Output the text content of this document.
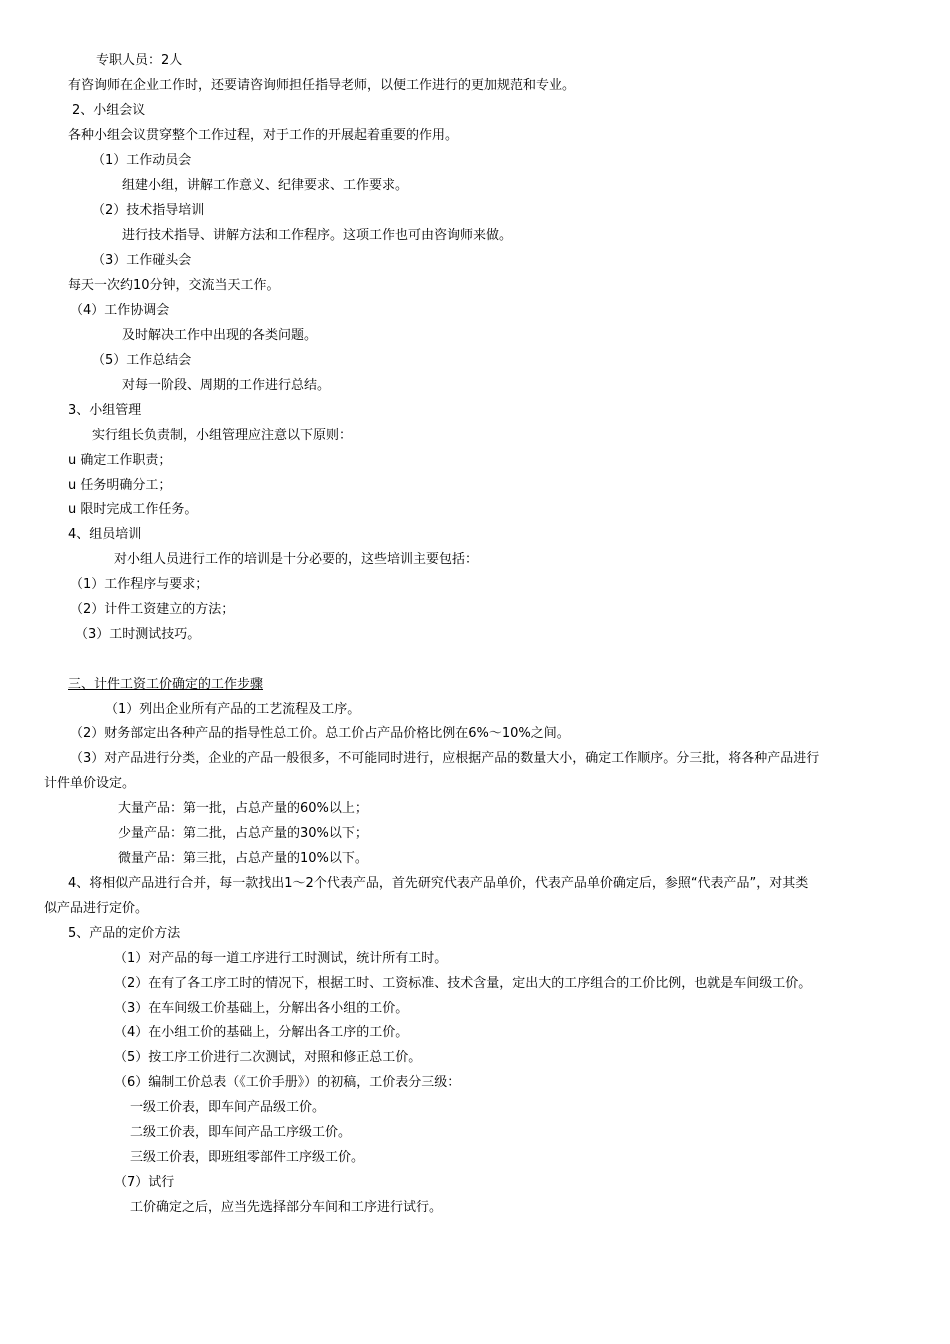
专职人员：2人
有咨询师在企业工作时，还要请咨询师担任指导老师，以便工作进行的更加规范和专业。
2、小组会议
各种小组会议贯穿整个工作过程，对于工作的开展起着重要的作用。
（1）工作动员会
组建小组，讲解工作意义、纪律要求、工作要求。
（2）技术指导培训
进行技术指导、讲解方法和工作程序。这项工作也可由咨询师来做。
（3）工作碰头会
每天一次约10分钟，交流当天工作。
（4）工作协调会
及时解决工作中出现的各类问题。
（5）工作总结会
对每一阶段、周期的工作进行总结。
3、小组管理
实行组长负责制，小组管理应注意以下原则：
u 确定工作职责；
u 任务明确分工；
u 限时完成工作任务。
4、组员培训
对小组人员进行工作的培训是十分必要的，这些培训主要包括：
（1）工作程序与要求；
（2）计件工资建立的方法；
（3）工时测试技巧。
三、计件工资工价确定的工作步骤
（1）列出企业所有产品的工艺流程及工序。
（2）财务部定出各种产品的指导性总工价。总工价占产品价格比例在6%～10%之间。
（3）对产品进行分类，企业的产品一般很多，不可能同时进行，应根据产品的数量大小，确定工作顺序。分三批，将各种产品进行
计件单价设定。
大量产品：第一批，占总产量的60%以上；
少量产品：第二批，占总产量的30%以下；
微量产品：第三批，占总产量的10%以下。
4、将相似产品进行合并，每一款找出1～2个代表产品，首先研究代表产品单价，代表产品单价确定后，参照“代表产品”，对其类
似产品进行定价。
5、产品的定价方法
（1）对产品的每一道工序进行工时测试，统计所有工时。
（2）在有了各工序工时的情况下，根据工时、工资标准、技术含量，定出大的工序组合的工价比例，也就是车间级工价。
（3）在车间级工价基础上，分解出各小组的工价。
（4）在小组工价的基础上，分解出各工序的工价。
（5）按工序工价进行二次测试，对照和修正总工价。
（6）编制工价总表（《工价手册》）的初稿，工价表分三级：
一级工价表，即车间产品级工价。
二级工价表，即车间产品工序级工价。
三级工价表，即班组零部件工序级工价。
（7）试行
工价确定之后，应当先选择部分车间和工序进行试行。
